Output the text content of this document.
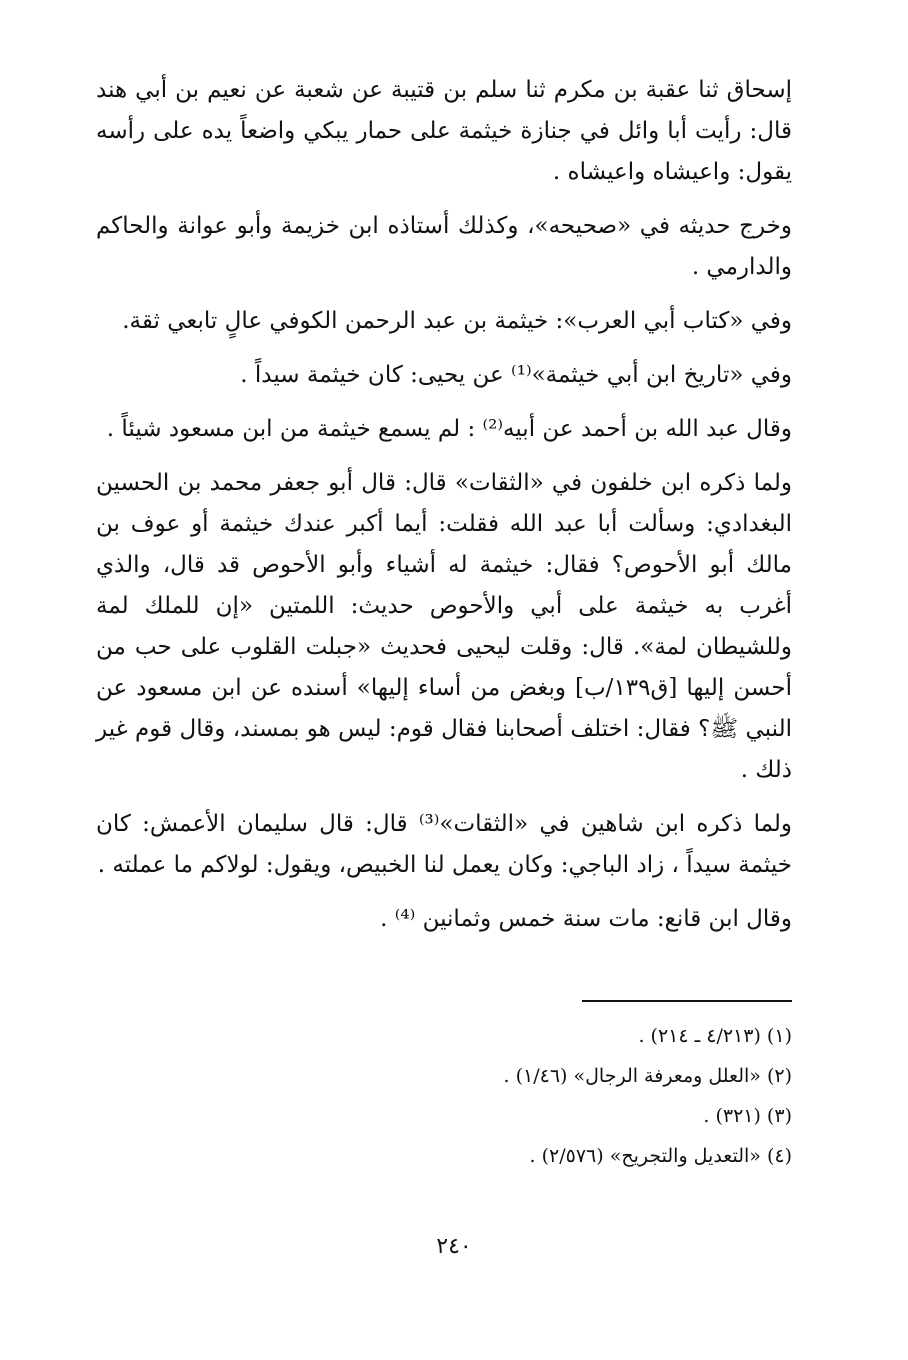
إسحاق ثنا عقبة بن مكرم ثنا سلم بن قتيبة عن شعبة عن نعيم بن أبي هند قال: رأيت أبا وائل في جنازة خيثمة على حمار يبكي واضعاً يده على رأسه يقول: واعيشاه واعيشاه .

وخرج حديثه في «صحيحه»، وكذلك أستاذه ابن خزيمة وأبو عوانة والحاكم والدارمي .

وفي «كتاب أبي العرب»: خيثمة بن عبد الرحمن الكوفي عالٍ تابعي ثقة.

وفي «تاريخ ابن أبي خيثمة»⁽¹⁾ عن يحيى: كان خيثمة سيداً .

وقال عبد الله بن أحمد عن أبيه⁽²⁾ : لم يسمع خيثمة من ابن مسعود شيئاً .

ولما ذكره ابن خلفون في «الثقات» قال: قال أبو جعفر محمد بن الحسين البغدادي: وسألت أبا عبد الله فقلت: أيما أكبر عندك خيثمة أو عوف بن مالك أبو الأحوص؟ فقال: خيثمة له أشياء وأبو الأحوص قد قال، والذي أغرب به خيثمة على أبي والأحوص حديث: اللمتين «إن للملك لمة وللشيطان لمة». قال: وقلت ليحيى فحديث «جبلت القلوب على حب من أحسن إليها [ق١٣٩/ب] وبغض من أساء إليها» أسنده عن ابن مسعود عن النبي ﷺ؟ فقال: اختلف أصحابنا فقال قوم: ليس هو بمسند، وقال قوم غير ذلك .

ولما ذكره ابن شاهين في «الثقات»⁽³⁾ قال: قال سليمان الأعمش: كان خيثمة سيداً ، زاد الباجي: وكان يعمل لنا الخبيص، ويقول: لولاكم ما عملته .

وقال ابن قانع: مات سنة خمس وثمانين ⁽⁴⁾ .

(١) (٤/٢١٣ ـ ٢١٤) .
(٢) «العلل ومعرفة الرجال» (١/٤٦) .
(٣) (٣٢١) .
(٤) «التعديل والتجريح» (٢/٥٧٦) .
٢٤٠
